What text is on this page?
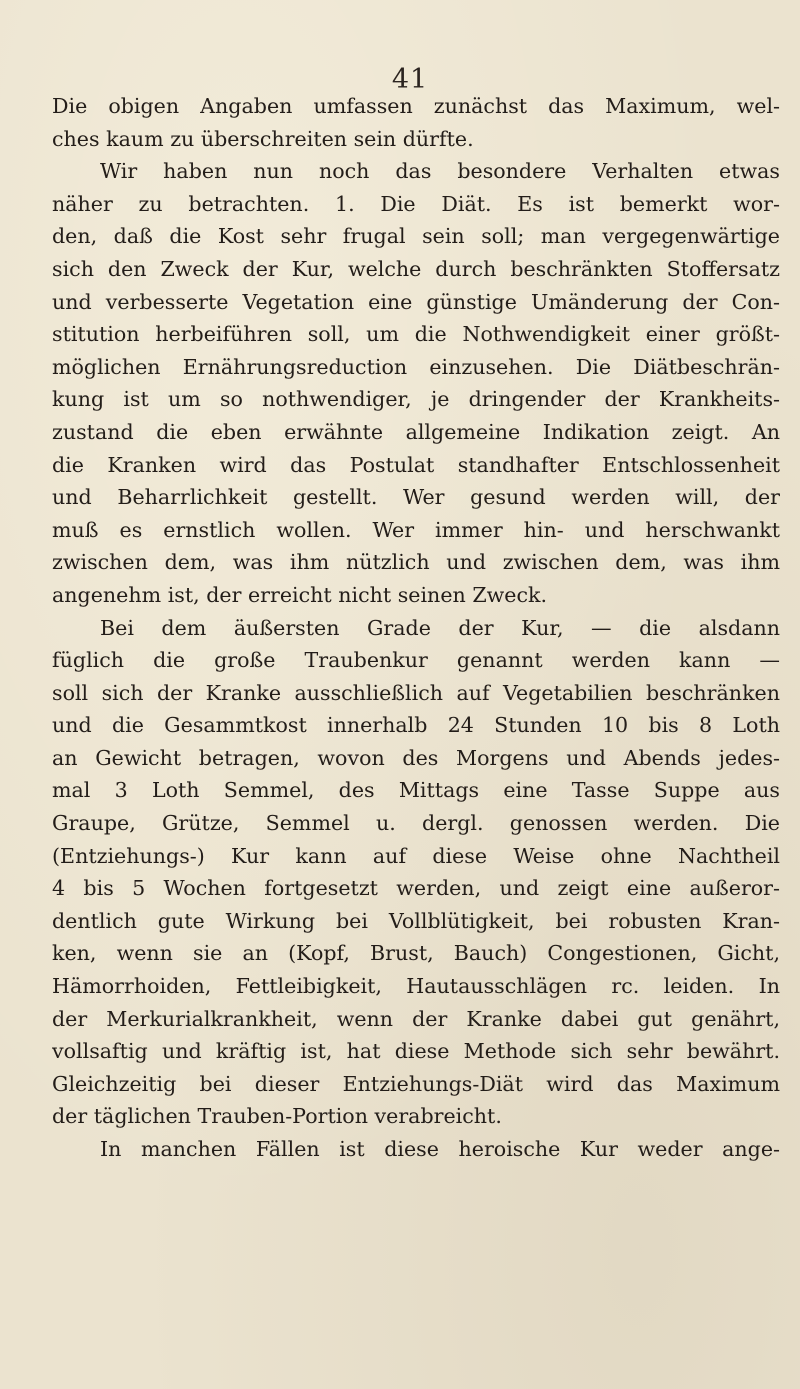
41
Die obigen Angaben umfassen zunächst das Maximum, wel-
ches kaum zu überschreiten sein dürfte.
Wir haben nun noch das besondere Verhalten etwas
näher zu betrachten. 1. Die Diät. Es ist bemerkt wor-
den, daß die Kost sehr frugal sein soll; man vergegenwärtige
sich den Zweck der Kur, welche durch beschränkten Stoffersatz
und verbesserte Vegetation eine günstige Umänderung der Con-
stitution herbeiführen soll, um die Nothwendigkeit einer größt-
möglichen Ernährungsreduction einzusehen. Die Diätbeschrän-
kung ist um so nothwendiger, je dringender der Krankheits-
zustand die eben erwähnte allgemeine Indikation zeigt. An
die Kranken wird das Postulat standhafter Entschlossenheit
und Beharrlichkeit gestellt. Wer gesund werden will, der
muß es ernstlich wollen. Wer immer hin- und herschwankt
zwischen dem, was ihm nützlich und zwischen dem, was ihm
angenehm ist, der erreicht nicht seinen Zweck.
Bei dem äußersten Grade der Kur, — die alsdann
füglich die große Traubenkur genannt werden kann —
soll sich der Kranke ausschließlich auf Vegetabilien beschränken
und die Gesammtkost innerhalb 24 Stunden 10 bis 8 Loth
an Gewicht betragen, wovon des Morgens und Abends jedes-
mal 3 Loth Semmel, des Mittags eine Tasse Suppe aus
Graupe, Grütze, Semmel u. dergl. genossen werden. Die
(Entziehungs-) Kur kann auf diese Weise ohne Nachtheil
4 bis 5 Wochen fortgesetzt werden, und zeigt eine außeror-
dentlich gute Wirkung bei Vollblütigkeit, bei robusten Kran-
ken, wenn sie an (Kopf, Brust, Bauch) Congestionen, Gicht,
Hämorrhoiden, Fettleibigkeit, Hautausschlägen rc. leiden. In
der Merkurialkrankheit, wenn der Kranke dabei gut genährt,
vollsaftig und kräftig ist, hat diese Methode sich sehr bewährt.
Gleichzeitig bei dieser Entziehungs-Diät wird das Maximum
der täglichen Trauben-Portion verabreicht.
In manchen Fällen ist diese heroische Kur weder ange-
